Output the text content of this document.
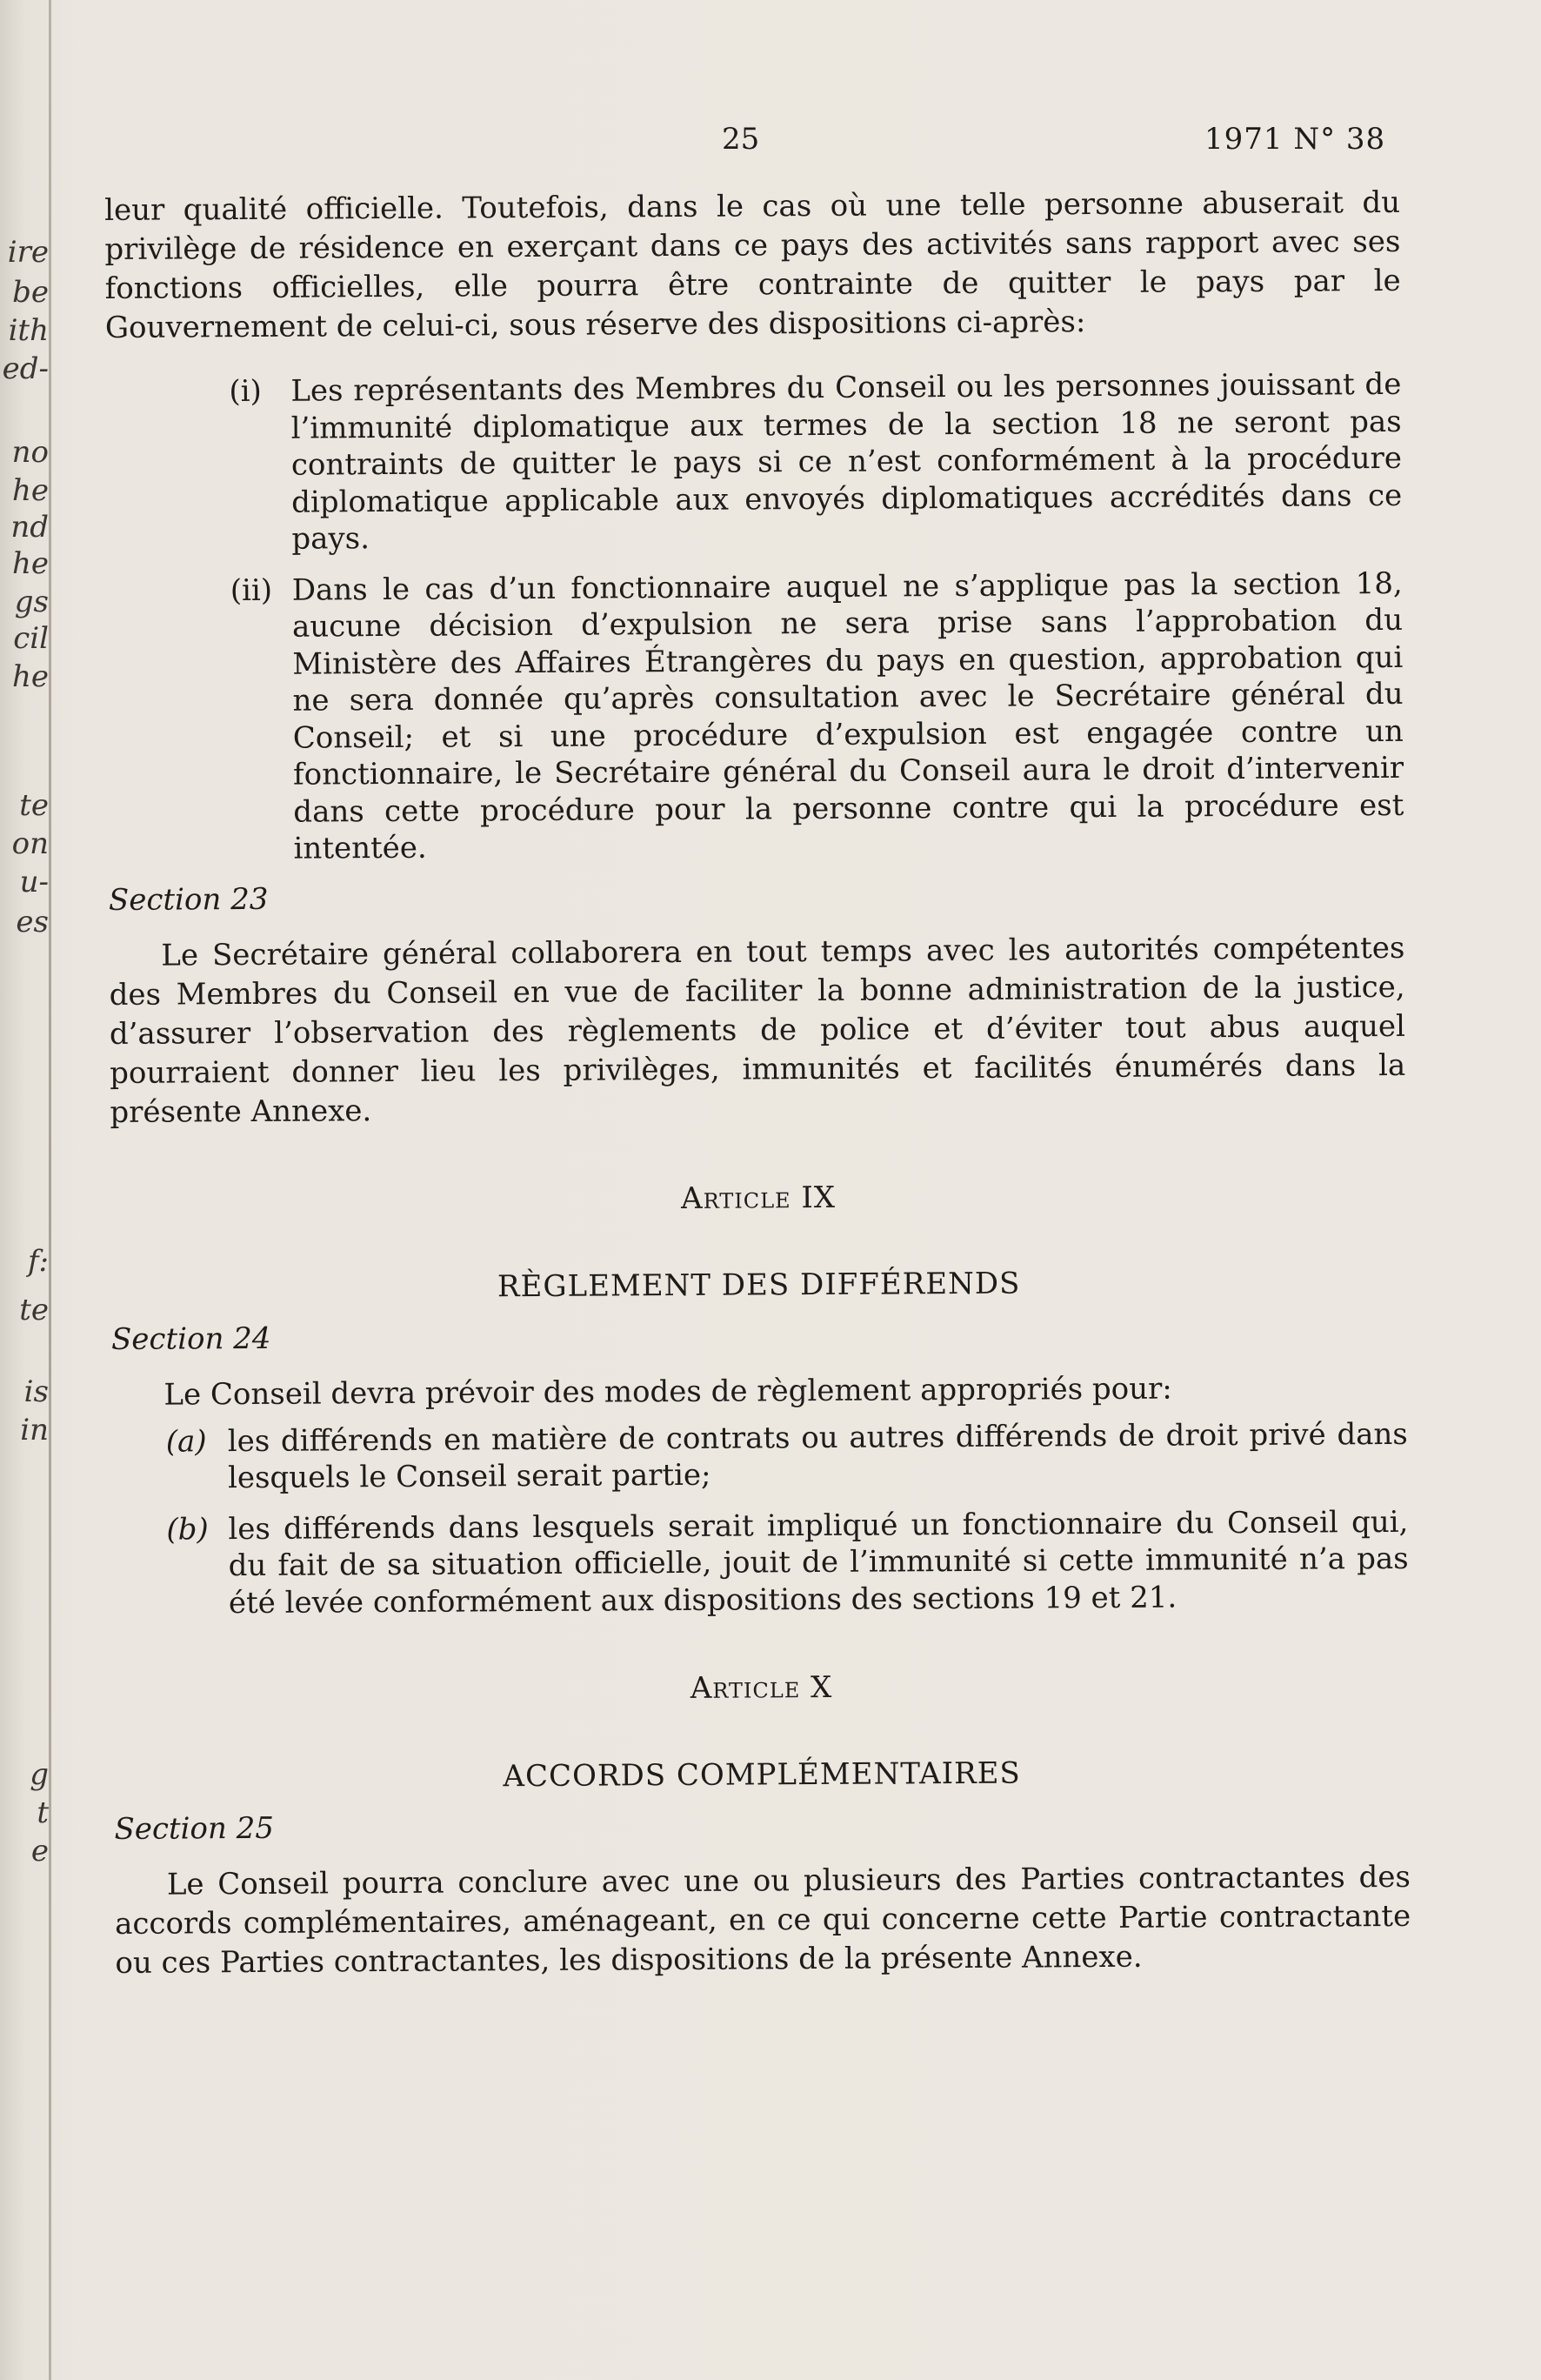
ire
be
ith
ed-
no
he
nd
he
gs
cil
he
te
on
u-
es
f:
te
is
in
g
t
e
25	1971 N° 38

leur qualité officielle. Toutefois, dans le cas où une telle personne abuserait du privilège de résidence en exerçant dans ce pays des activités sans rapport avec ses fonctions officielles, elle pourra être contrainte de quitter le pays par le Gouvernement de celui-ci, sous réserve des dispositions ci-après:

(i) Les représentants des Membres du Conseil ou les personnes jouissant de l’immunité diplomatique aux termes de la section 18 ne seront pas contraints de quitter le pays si ce n’est conformément à la procédure diplomatique applicable aux envoyés diplomatiques accrédités dans ce pays.
(ii) Dans le cas d’un fonctionnaire auquel ne s’applique pas la section 18, aucune décision d’expulsion ne sera prise sans l’approbation du Ministère des Affaires Étrangères du pays en question, approbation qui ne sera donnée qu’après consultation avec le Secrétaire général du Conseil; et si une procédure d’expulsion est engagée contre un fonctionnaire, le Secrétaire général du Conseil aura le droit d’intervenir dans cette procédure pour la personne contre qui la procédure est intentée.
Section 23

Le Secrétaire général collaborera en tout temps avec les autorités compétentes des Membres du Conseil en vue de faciliter la bonne administration de la justice, d’assurer l’observation des règlements de police et d’éviter tout abus auquel pourraient donner lieu les privilèges, immunités et facilités énumérés dans la présente Annexe.

Article IX
RÈGLEMENT DES DIFFÉRENDS
Section 24

Le Conseil devra prévoir des modes de règlement appropriés pour:

(a) les différends en matière de contrats ou autres différends de droit privé dans lesquels le Conseil serait partie;
(b) les différends dans lesquels serait impliqué un fonctionnaire du Conseil qui, du fait de sa situation officielle, jouit de l’immunité si cette immunité n’a pas été levée conformément aux dispositions des sections 19 et 21.
Article X
ACCORDS COMPLÉMENTAIRES
Section 25

Le Conseil pourra conclure avec une ou plusieurs des Parties contractantes des accords complémentaires, aménageant, en ce qui concerne cette Partie contractante ou ces Parties contractantes, les dispositions de la présente Annexe.
